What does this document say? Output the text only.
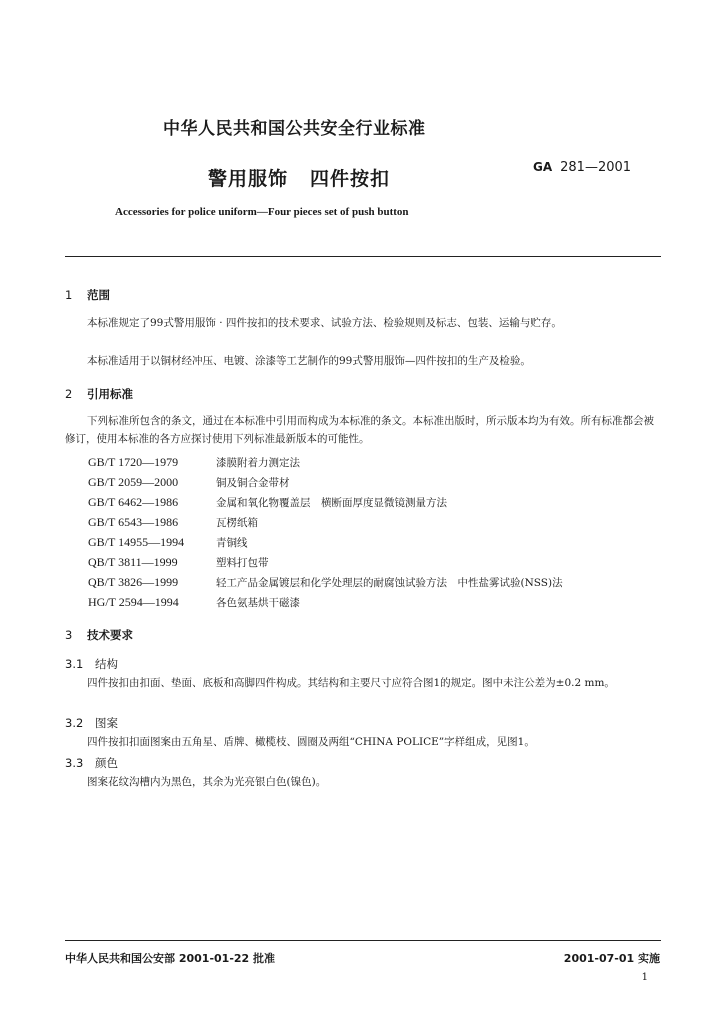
中华人民共和国公共安全行业标准
警用服饰 四件按扣
GA 281—2001
Accessories for police uniform—Four pieces set of push button
1 范围
本标准规定了99式警用服饰 · 四件按扣的技术要求、试验方法、检验规则及标志、包装、运输与贮存。
本标准适用于以铜材经冲压、电镀、涂漆等工艺制作的99式警用服饰—四件按扣的生产及检验。
2 引用标准
下列标准所包含的条文，通过在本标准中引用而构成为本标准的条文。本标准出版时，所示版本均为有效。所有标准都会被修订，使用本标准的各方应探讨使用下列标准最新版本的可能性。
GB/T 1720—1979	漆膜附着力测定法
GB/T 2059—2000	铜及铜合金带材
GB/T 6462—1986	金属和氧化物覆盖层　横断面厚度显微镜测量方法
GB/T 6543—1986	瓦楞纸箱
GB/T 14955—1994	青铜线
QB/T 3811—1999	塑料打包带
QB/T 3826—1999	轻工产品金属镀层和化学处理层的耐腐蚀试验方法　中性盐雾试验(NSS)法
HG/T 2594—1994	各色氨基烘干磁漆
3 技术要求
3.1 结构
四件按扣由扣面、垫面、底板和高脚四件构成。其结构和主要尺寸应符合图1的规定。图中未注公差为±0.2 mm。
3.2 图案
四件按扣扣面图案由五角星、盾牌、橄榄枝、圆圈及两组“CHINA POLICE”字样组成，见图1。
3.3 颜色
图案花纹沟槽内为黑色，其余为光亮银白色(镍色)。
中华人民共和国公安部 2001-01-22 批准	2001-07-01 实施
1
